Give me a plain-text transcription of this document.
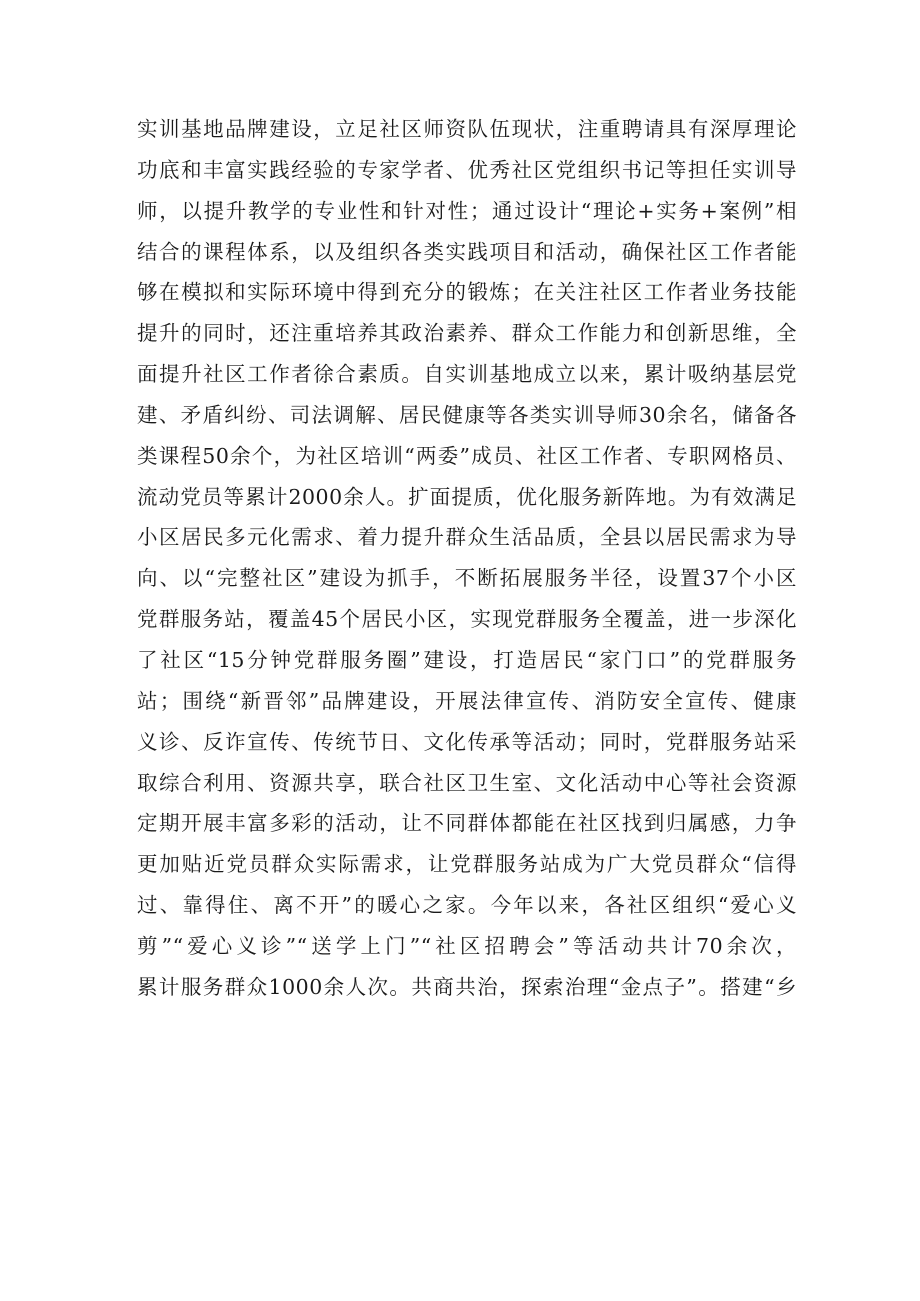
实训基地品牌建设，立足社区师资队伍现状，注重聘请具有深厚理论
功底和丰富实践经验的专家学者、优秀社区党组织书记等担任实训导
师，以提升教学的专业性和针对性；通过设计“理论+实务+案例”相
结合的课程体系，以及组织各类实践项目和活动，确保社区工作者能
够在模拟和实际环境中得到充分的锻炼；在关注社区工作者业务技能
提升的同时，还注重培养其政治素养、群众工作能力和创新思维，全
面提升社区工作者徐合素质。自实训基地成立以来，累计吸纳基层党
建、矛盾纠纷、司法调解、居民健康等各类实训导师30余名，储备各
类课程50余个，为社区培训“两委”成员、社区工作者、专职网格员、
流动党员等累计2000余人。扩面提质，优化服务新阵地。为有效满足
小区居民多元化需求、着力提升群众生活品质，全县以居民需求为导
向、以“完整社区”建设为抓手，不断拓展服务半径，设置37个小区
党群服务站，覆盖45个居民小区，实现党群服务全覆盖，进一步深化
了社区“15分钟党群服务圈”建设，打造居民“家门口”的党群服务
站；围绕“新晋邻”品牌建设，开展法律宣传、消防安全宣传、健康
义诊、反诈宣传、传统节日、文化传承等活动；同时，党群服务站采
取综合利用、资源共享，联合社区卫生室、文化活动中心等社会资源
定期开展丰富多彩的活动，让不同群体都能在社区找到归属感，力争
更加贴近党员群众实际需求，让党群服务站成为广大党员群众“信得
过、靠得住、离不开”的暖心之家。今年以来，各社区组织“爱心义
剪”“爱心义诊”“送学上门”“社区招聘会”等活动共计70余次，
累计服务群众1000余人次。共商共治，探索治理“金点子”。搭建“乡
